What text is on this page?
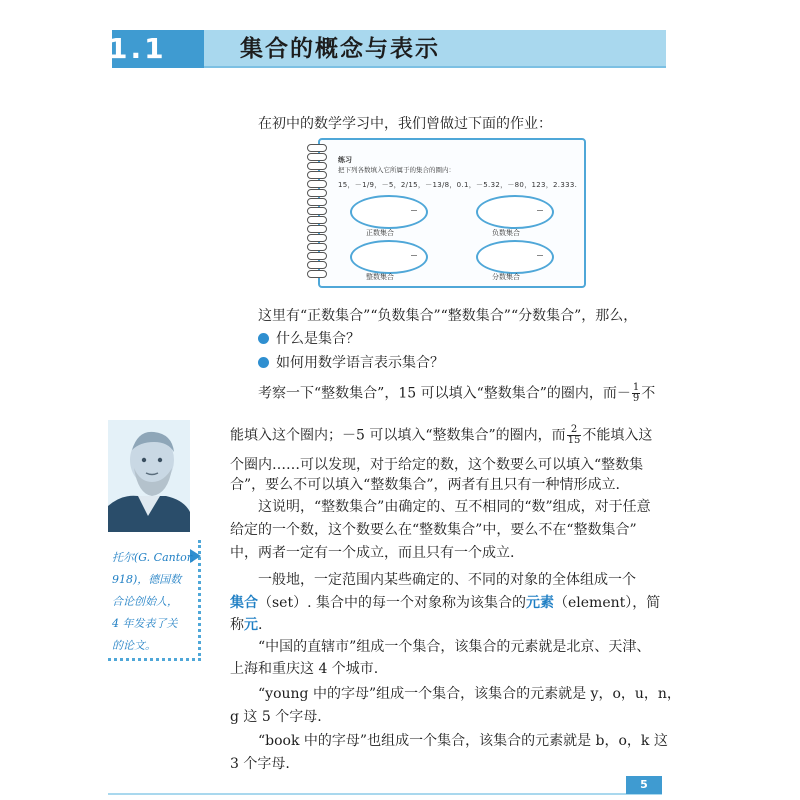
1.1	集合的概念与表示
在初中的数学学习中，我们曾做过下面的作业：
练习
把下列各数填入它所属于的集合的圈内：
15，－1/9，－5，2/15，－13/8，0.1，－5.32，－80，123，2.333.
正数集合	负数集合
整数集合	分数集合
这里有“正数集合”“负数集合”“整数集合”“分数集合”，那么，
什么是集合？
如何用数学语言表示集合？
考察一下“整数集合”，15 可以填入“整数集合”的圈内，而－ $\frac{1}{9}$ 不
能填入这个圈内；－5 可以填入“整数集合”的圈内，而 $\frac{2}{15}$ 不能填入这
个圈内……可以发现，对于给定的数，这个数要么可以填入“整数集
合”，要么不可以填入“整数集合”，两者有且只有一种情形成立.
这说明，“整数集合”由确定的、互不相同的“数”组成，对于任意
给定的一个数，这个数要么在“整数集合”中，要么不在“整数集合”
中，两者一定有一个成立，而且只有一个成立.
一般地，一定范围内某些确定的、不同的对象的全体组成一个
集合（set）. 集合中的每一个对象称为该集合的元素（element），简
称元.
“中国的直辖市”组成一个集合，该集合的元素就是北京、天津、
上海和重庆这 4 个城市.
“young 中的字母”组成一个集合，该集合的元素就是 y，o，u，n，
g 这 5 个字母.
“book 中的字母”也组成一个集合，该集合的元素就是 b，o，k 这
3 个字母.
托尔(G. Cantor,
918)，德国数
合论创始人，
4 年发表了关
的论文。
5
